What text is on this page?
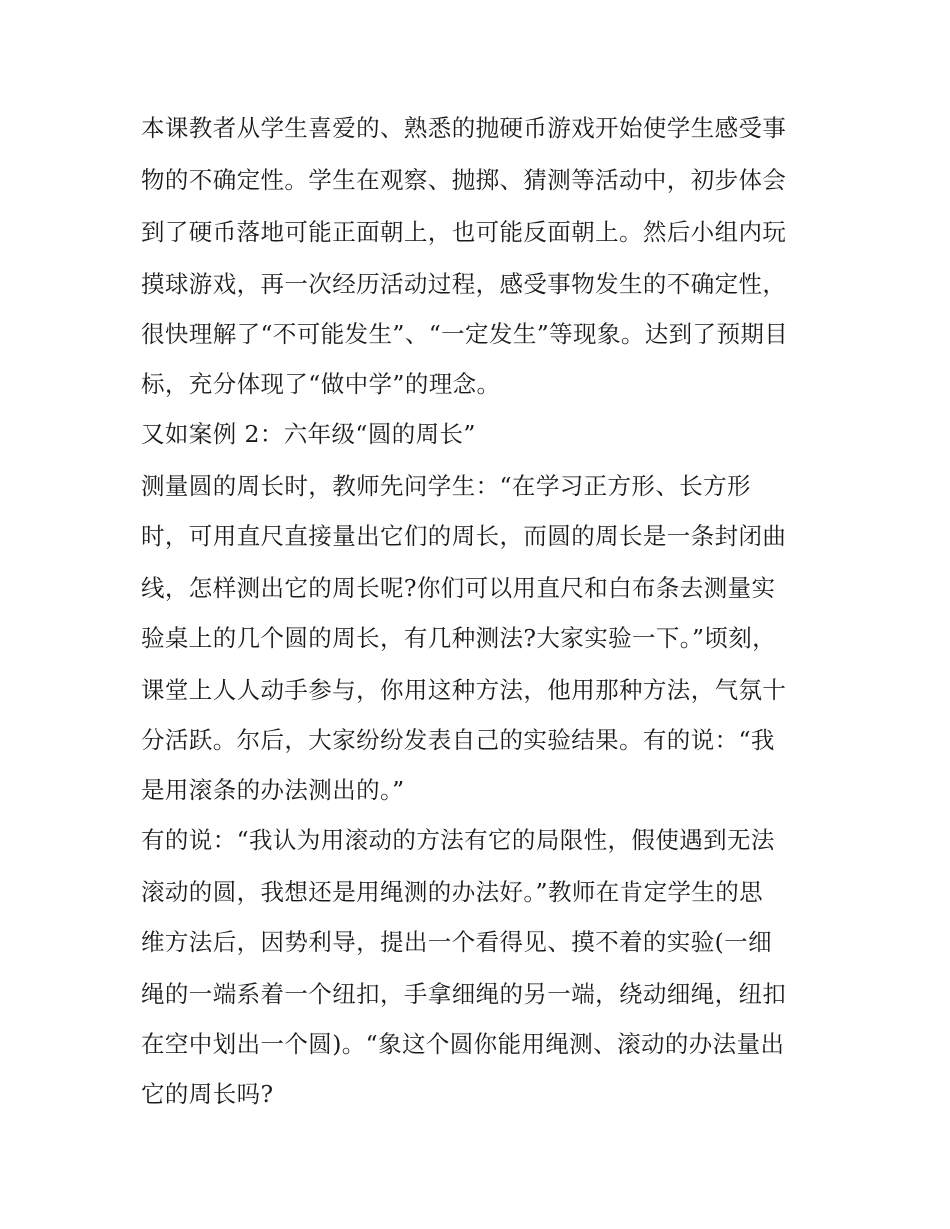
本课教者从学生喜爱的、熟悉的抛硬币游戏开始使学生感受事
物的不确定性。学生在观察、抛掷、猜测等活动中，初步体会
到了硬币落地可能正面朝上，也可能反面朝上。然后小组内玩
摸球游戏，再一次经历活动过程，感受事物发生的不确定性，
很快理解了“不可能发生”、“一定发生”等现象。达到了预期目
标，充分体现了“做中学”的理念。
又如案例 2：六年级“圆的周长”
测量圆的周长时，教师先问学生：“在学习正方形、长方形
时，可用直尺直接量出它们的周长，而圆的周长是一条封闭曲
线，怎样测出它的周长呢?你们可以用直尺和白布条去测量实
验桌上的几个圆的周长，有几种测法?大家实验一下。”顷刻，
课堂上人人动手参与，你用这种方法，他用那种方法，气氛十
分活跃。尔后，大家纷纷发表自己的实验结果。有的说：“我
是用滚条的办法测出的。”
有的说：“我认为用滚动的方法有它的局限性，假使遇到无法
滚动的圆，我想还是用绳测的办法好。”教师在肯定学生的思
维方法后，因势利导，提出一个看得见、摸不着的实验(一细
绳的一端系着一个纽扣，手拿细绳的另一端，绕动细绳，纽扣
在空中划出一个圆)。“象这个圆你能用绳测、滚动的办法量出
它的周长吗?
